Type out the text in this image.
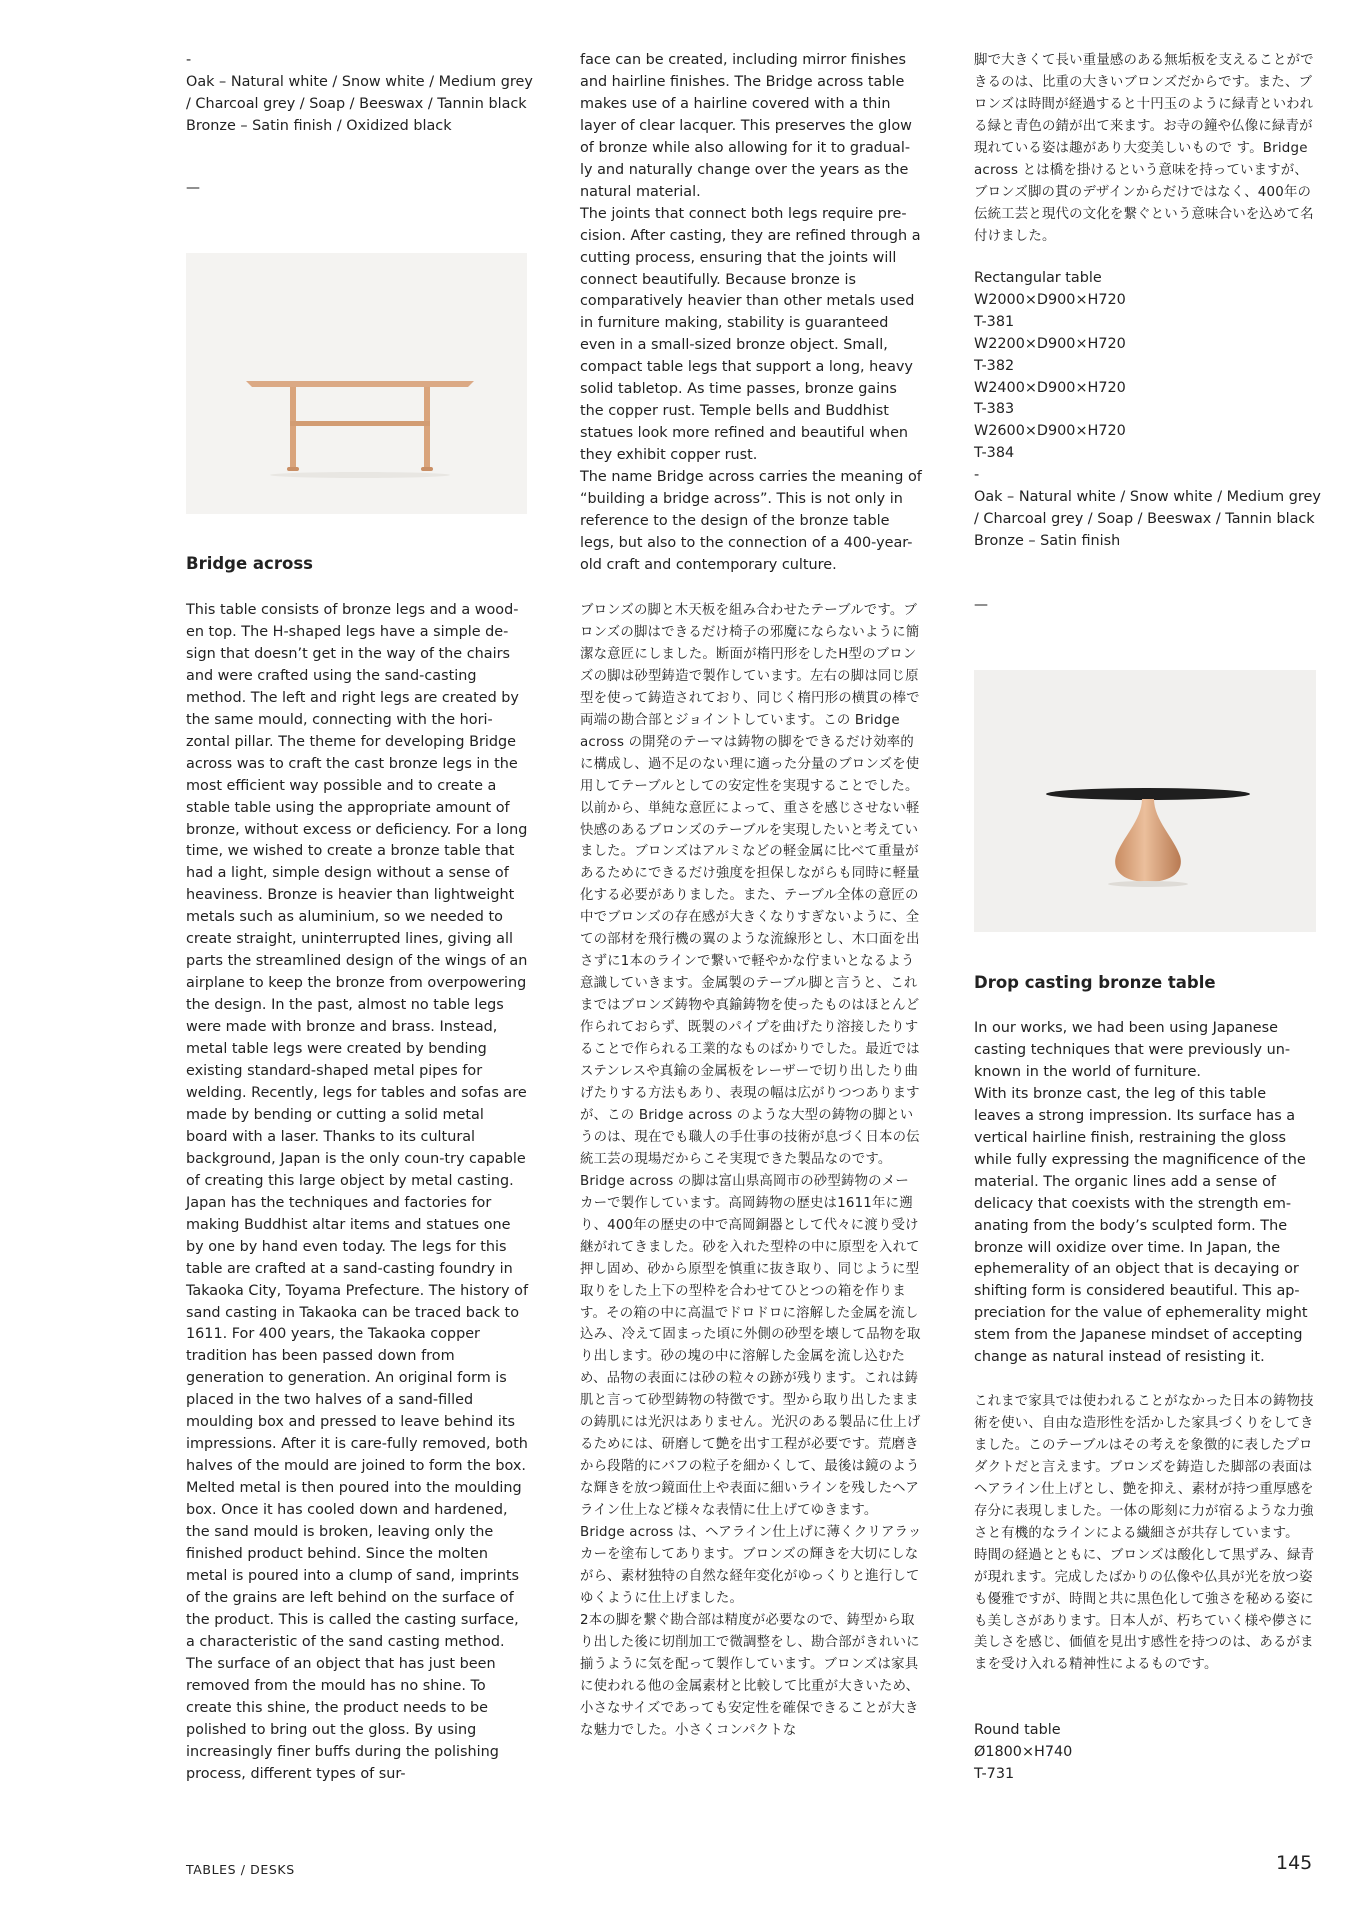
-
Oak – Natural white / Snow white / Medium grey
/ Charcoal grey / Soap / Beeswax / Tannin black
Bronze – Satin finish / Oxidized black
—
Bridge across

This table consists of bronze legs and a wood-en top. The H-shaped legs have a simple de-sign that doesn’t get in the way of the chairs and were crafted using the sand-casting method. The left and right legs are created by the same mould, connecting with the hori-zontal pillar. The theme for developing Bridge across was to craft the cast bronze legs in the most efficient way possible and to create a stable table using the appropriate amount of bronze, without excess or deficiency. For a long time, we wished to create a bronze table that had a light, simple design without a sense of heaviness. Bronze is heavier than lightweight metals such as aluminium, so we needed to create straight, uninterrupted lines, giving all parts the streamlined design of the wings of an airplane to keep the bronze from overpowering the design. In the past, almost no table legs were made with bronze and brass. Instead, metal table legs were created by bending existing standard-shaped metal pipes for welding. Recently, legs for tables and sofas are made by bending or cutting a solid metal board with a laser. Thanks to its cultural background, Japan is the only coun-try capable of creating this large object by metal casting. Japan has the techniques and factories for making Buddhist altar items and statues one by one by hand even today. The legs for this table are crafted at a sand-casting foundry in Takaoka City, Toyama Prefecture. The history of sand casting in Takaoka can be traced back to 1611. For 400 years, the Takaoka copper tradition has been passed down from generation to generation. An original form is placed in the two halves of a sand-filled moulding box and pressed to leave behind its impressions. After it is care-fully removed, both halves of the mould are joined to form the box. Melted metal is then poured into the moulding box. Once it has cooled down and hardened, the sand mould is broken, leaving only the finished product behind. Since the molten metal is poured into a clump of sand, imprints of the grains are left behind on the surface of the product. This is called the casting surface, a characteristic of the sand casting method. The surface of an object that has just been removed from the mould has no shine. To create this shine, the product needs to be polished to bring out the gloss. By using increasingly finer buffs during the polishing process, different types of sur-

face can be created, including mirror finishes and hairline finishes. The Bridge across table makes use of a hairline covered with a thin layer of clear lacquer. This preserves the glow of bronze while also allowing for it to gradual-ly and naturally change over the years as the natural material.
The joints that connect both legs require pre-cision. After casting, they are refined through a cutting process, ensuring that the joints will connect beautifully. Because bronze is comparatively heavier than other metals used in furniture making, stability is guaranteed even in a small-sized bronze object. Small, compact table legs that support a long, heavy solid tabletop. As time passes, bronze gains the copper rust. Temple bells and Buddhist statues look more refined and beautiful when they exhibit copper rust.
The name Bridge across carries the meaning of “building a bridge across”. This is not only in reference to the design of the bronze table legs, but also to the connection of a 400-year-old craft and contemporary culture.

ブロンズの脚と木天板を組み合わせたテーブルです。ブロンズの脚はできるだけ椅子の邪魔にならないように簡潔な意匠にしました。断面が楕円形をしたH型のブロンズの脚は砂型鋳造で製作しています。左右の脚は同じ原型を使って鋳造されており、同じく楕円形の横貫の棒で両端の勘合部とジョイントしています。この Bridge across の開発のテーマは鋳物の脚をできるだけ効率的に構成し、過不足のない理に適った分量のブロンズを使用してテーブルとしての安定性を実現することでした。以前から、単純な意匠によって、重さを感じさせない軽快感のあるブロンズのテーブルを実現したいと考えていました。ブロンズはアルミなどの軽金属に比べて重量があるためにできるだけ強度を担保しながらも同時に軽量化する必要がありました。また、テーブル全体の意匠の中でブロンズの存在感が大きくなりすぎないように、全ての部材を飛行機の翼のような流線形とし、木口面を出さずに1本のラインで繋いで軽やかな佇まいとなるよう意識していきます。金属製のテーブル脚と言うと、これまではブロンズ鋳物や真鍮鋳物を使ったものはほとんど作られておらず、既製のパイプを曲げたり溶接したりすることで作られる工業的なものばかりでした。最近ではステンレスや真鍮の金属板をレーザーで切り出したり曲げたりする方法もあり、表現の幅は広がりつつありますが、この Bridge across のような大型の鋳物の脚というのは、現在でも職人の手仕事の技術が息づく日本の伝統工芸の現場だからこそ実現できた製品なのです。Bridge across の脚は富山県高岡市の砂型鋳物のメーカーで製作しています。高岡鋳物の歴史は1611年に遡り、400年の歴史の中で高岡銅器として代々に渡り受け継がれてきました。砂を入れた型枠の中に原型を入れて押し固め、砂から原型を慎重に抜き取り、同じように型取りをした上下の型枠を合わせてひとつの箱を作ります。その箱の中に高温でドロドロに溶解した金属を流し込み、冷えて固まった頃に外側の砂型を壊して品物を取り出します。砂の塊の中に溶解した金属を流し込むため、品物の表面には砂の粒々の跡が残ります。これは鋳肌と言って砂型鋳物の特徴です。型から取り出したままの鋳肌には光沢はありません。光沢のある製品に仕上げるためには、研磨して艶を出す工程が必要です。荒磨きから段階的にバフの粒子を細かくして、最後は鏡のような輝きを放つ鏡面仕上や表面に細いラインを残したヘアライン仕上など様々な表情に仕上げてゆきます。Bridge across は、ヘアライン仕上げに薄くクリアラッカーを塗布してあります。ブロンズの輝きを大切にしながら、素材独特の自然な経年変化がゆっくりと進行してゆくように仕上げました。
2本の脚を繋ぐ勘合部は精度が必要なので、鋳型から取り出した後に切削加工で微調整をし、勘合部がきれいに揃うように気を配って製作しています。ブロンズは家具に使われる他の金属素材と比較して比重が大きいため、小さなサイズであっても安定性を確保できることが大きな魅力でした。小さくコンパクトな

脚で大きくて長い重量感のある無垢板を支えることができるのは、比重の大きいブロンズだからです。また、ブロンズは時間が経過すると十円玉のように緑青といわれる緑と青色の錆が出て来ます。お寺の鐘や仏像に緑青が現れている姿は趣があり大変美しいもので す。Bridge across とは橋を掛けるという意味を持っていますが、ブロンズ脚の貫のデザインからだけではなく、400年の伝統工芸と現代の文化を繋ぐという意味合いを込めて名付けました。

Rectangular table
W2000×D900×H720
T-381
W2200×D900×H720
T-382
W2400×D900×H720
T-383
W2600×D900×H720
T-384
-
Oak – Natural white / Snow white / Medium grey
/ Charcoal grey / Soap / Beeswax / Tannin black
Bronze – Satin finish
—
Drop casting bronze table

In our works, we had been using Japanese casting techniques that were previously un-known in the world of furniture.
With its bronze cast, the leg of this table leaves a strong impression. Its surface has a vertical hairline finish, restraining the gloss while fully expressing the magnificence of the material. The organic lines add a sense of delicacy that coexists with the strength em-anating from the body’s sculpted form. The bronze will oxidize over time. In Japan, the ephemerality of an object that is decaying or shifting form is considered beautiful. This ap-preciation for the value of ephemerality might stem from the Japanese mindset of accepting change as natural instead of resisting it.

これまで家具では使われることがなかった日本の鋳物技術を使い、自由な造形性を活かした家具づくりをしてきました。このテーブルはその考えを象徴的に表したプロダクトだと言えます。ブロンズを鋳造した脚部の表面はヘアライン仕上げとし、艶を抑え、素材が持つ重厚感を存分に表現しました。一体の彫刻に力が宿るような力強さと有機的なラインによる繊細さが共存しています。
時間の経過とともに、ブロンズは酸化して黒ずみ、緑青が現れます。完成したばかりの仏像や仏具が光を放つ姿も優雅ですが、時間と共に黒色化して強さを秘める姿にも美しさがあります。日本人が、朽ちていく様や儚さに美しさを感じ、価値を見出す感性を持つのは、あるがままを受け入れる精神性によるものです。

Round table
Ø1800×H740
T-731
TABLES / DESKS	145
